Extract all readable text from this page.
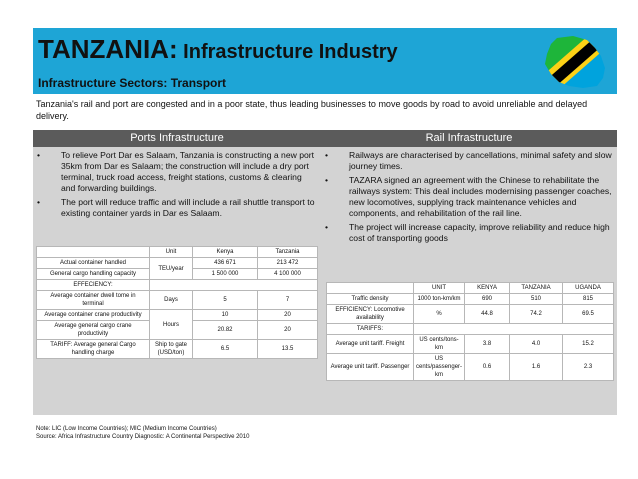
TANZANIA: Infrastructure Industry
Infrastructure Sectors: Transport
Tanzania's rail and port are congested and in a poor state, thus leading businesses to move goods by road to avoid unreliable and delayed delivery.
Ports Infrastructure
• To relieve Port Dar es Salaam, Tanzania is constructing a new port 35km from Dar es Salaam; the construction will include a dry port terminal, truck road access, freight stations, customs & clearing and forwarding buildings.
• The port will reduce traffic and will include a rail shuttle transport to existing container yards in Dar es Salaam.
	Unit	Kenya	Tanzania
Actual container handled	TEU/year	436 671	213 472
General cargo handling capacity		1 500 000	4 100 000
EFFECIENCY:			
Average container dwell tome in terminal	Days	5	7
Average container crane productivity	Hours	10	20
Average general cargo crane productivity		20.82	20
TARIFF: Average general Cargo handling charge	Ship to gate (USD/ton)	6.5	13.5
Rail Infrastructure
• Railways are characterised by cancellations, minimal safety and slow journey times.
• TAZARA signed an agreement with the Chinese to rehabilitate the railways system: This deal includes modernising passenger coaches, new locomotives, supplying track maintenance vehicles and components, and rehabilitation of the rail line.
• The project will increase capacity, improve reliability and reduce high cost of transporting goods
	UNIT	KENYA	TANZANIA	UGANDA
Traffic density	1000 ton-km/km	690	510	815
EFFICIENCY: Locomotive availability	%	44.8	74.2	69.5
TARIFFS:				
Average unit tariff. Freight	US cents/tons-km	3.8	4.0	15.2
Average unit tariff. Passenger	US cents/passenger-km	0.6	1.6	2.3
Note: LIC (Low Income Countries); MIC (Medium Income Countries)
Source: Africa Infrastructure Country Diagnostic: A Continental Perspective 2010
